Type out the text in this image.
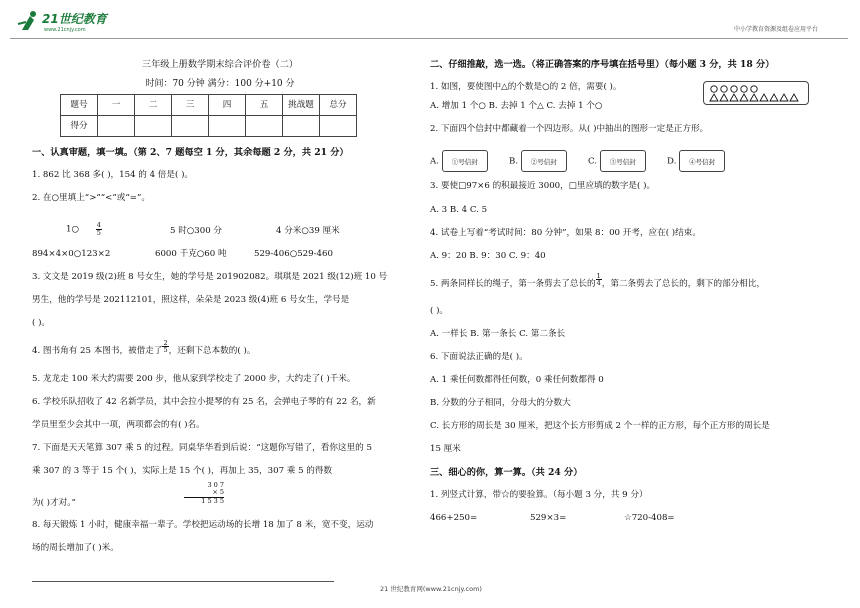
21世纪教育
www.21cnjy.com	中小学教育资源及组卷应用平台
三年级上册数学期末综合评价卷（二）
时间：70 分钟 满分：100 分+10 分
题号	一	二	三	四	五	挑战题	总分
得分							
一、认真审题，填一填。（第 2、7 题每空 1 分，其余每题 2 分，共 21 分）
1. 862 比 368 多( )，154 的 4 倍是( )。
2. 在○里填上“>”“<”或“=”。
1○	$\frac{4}{5}$	5 时○300 分	4 分米○39 厘米
894×4×0○123×2	6000 千克○60 吨	529-406○529-460
3. 文文是 2019 级(2)班 8 号女生，她的学号是 201902082。琪琪是 2021 级(12)班 10 号
男生，他的学号是 202112101，照这样，朵朵是 2023 级(4)班 6 号女生，学号是
( )。
4. 图书角有 25 本图书，被借走了 $\frac{2}{5}$ ，还剩下总本数的( )。
5. 龙龙走 100 米大约需要 200 步，他从家到学校走了 2000 步，大约走了( )千米。
6. 学校乐队招收了 42 名新学员，其中会拉小提琴的有 25 名，会弹电子琴的有 22 名，新
学员里至少会其中一项，两项都会的有( )名。
7. 下面是天天笔算 307 乘 5 的过程。同桌华华看到后说：“这题你写错了，看你这里的 5
乘 307 的 3 等于 15 个( )，实际上是 15 个( )，再加上 35，307 乘 5 的得数
为( )才对。”
3 0 7
× 5
1 5 3 5
8. 每天锻炼 1 小时，健康幸福一辈子。学校把运动场的长增 18 加了 8 米，宽不变，运动
场的周长增加了( )米。
二、仔细推敲，选一选。（将正确答案的序号填在括号里）（每小题 3 分，共 18 分）
1. 如图，要使图中△的个数是○的 2 倍，需要( )。
A. 增加 1 个○ B. 去掉 1 个△ C. 去掉 1 个○
2. 下面四个信封中都藏着一个四边形。从( )中抽出的图形一定是正方形。
A. ①号信封	B. ②号信封	C. ③号信封	D. ④号信封
3. 要使□97×6 的积最接近 3000，□里应填的数字是( )。
A. 3 B. 4 C. 5
4. 试卷上写着“考试时间：80 分钟”，如果 8：00 开考，应在( )结束。
A. 9：20 B. 9：30 C. 9：40
5. 两条同样长的绳子，第一条剪去了总长的 $\frac{1}{4}$ ，第二条剪去了总长的，剩下的部分相比，
( )。
A. 一样长 B. 第一条长 C. 第二条长
6. 下面说法正确的是( )。
A. 1 乘任何数都得任何数，0 乘任何数都得 0
B. 分数的分子相同，分母大的分数大
C. 长方形的周长是 30 厘米，把这个长方形剪成 2 个一样的正方形，每个正方形的周长是
15 厘米
三、细心的你，算一算。（共 24 分）
1. 列竖式计算，带☆的要验算。（每小题 3 分，共 9 分）
466+250=	529×3=	☆720-408=
21 世纪教育网(www.21cnjy.com)
